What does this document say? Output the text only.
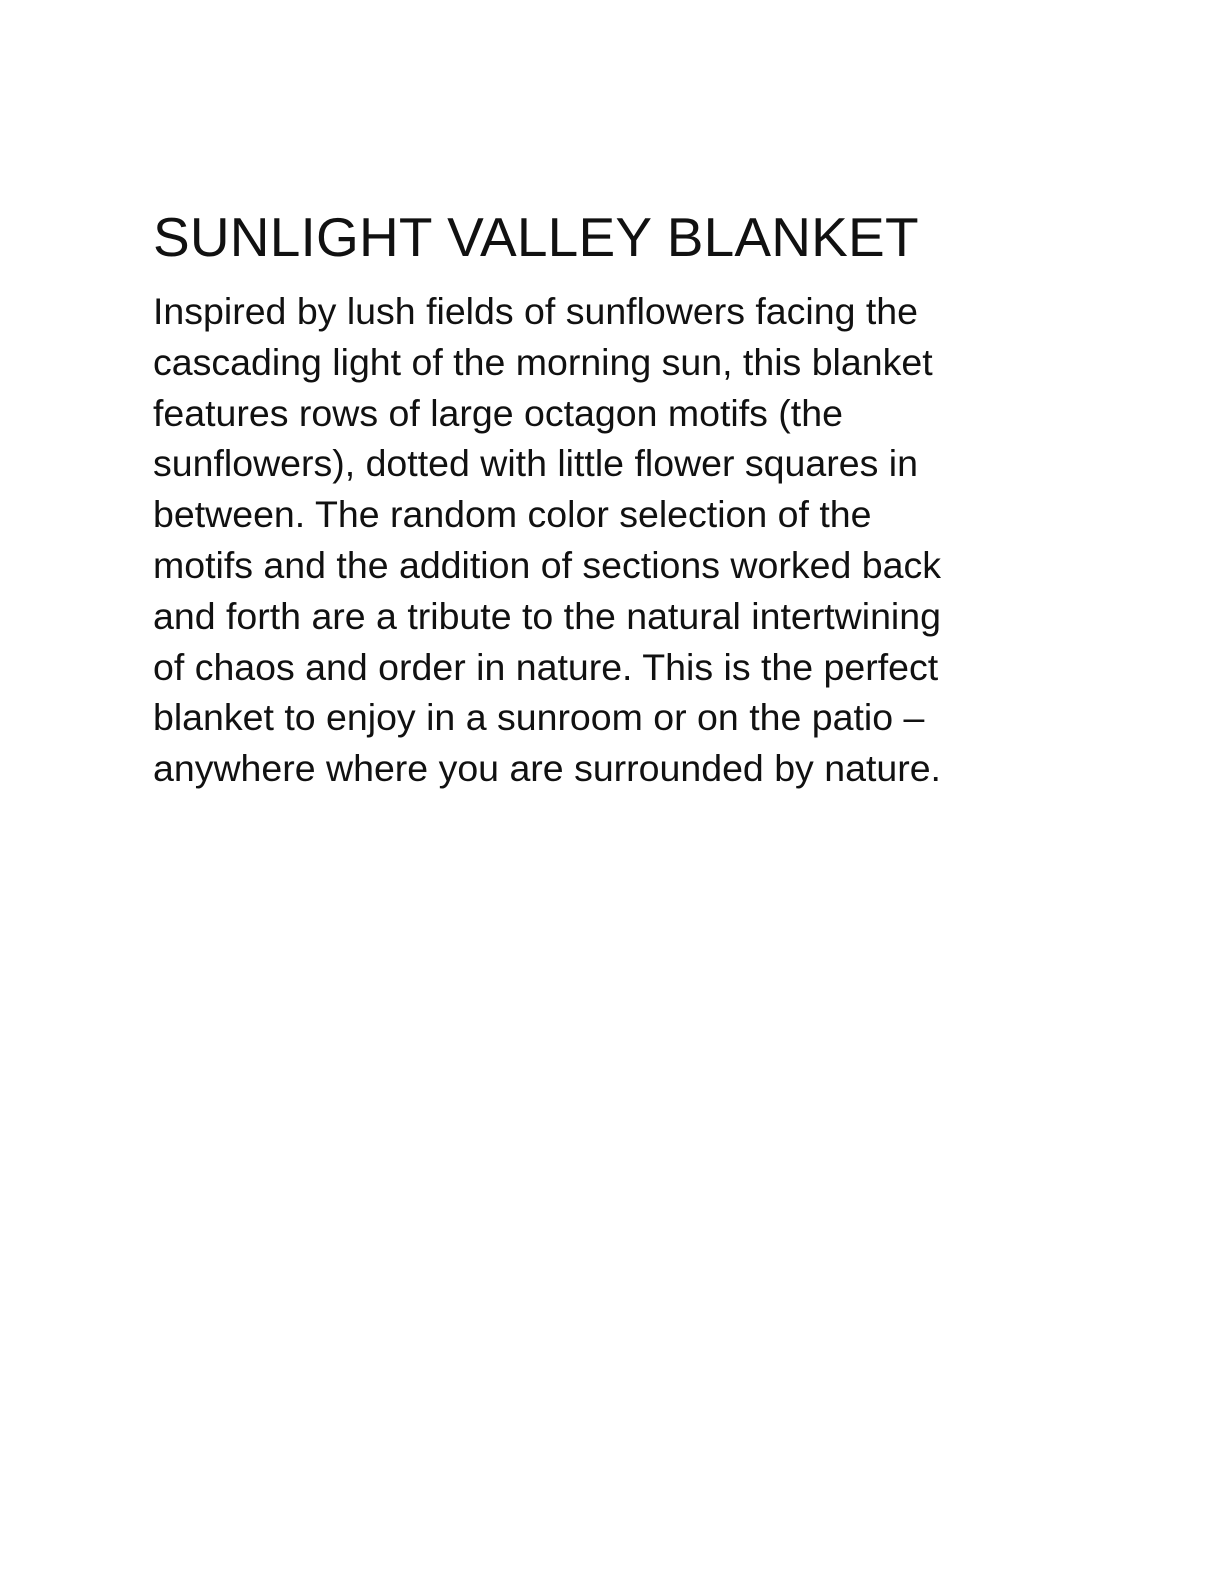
SUNLIGHT VALLEY BLANKET

Inspired by lush fields of sunflowers facing the
cascading light of the morning sun, this blanket
features rows of large octagon motifs (the
sunflowers), dotted with little flower squares in
between. The random color selection of the
motifs and the addition of sections worked back
and forth are a tribute to the natural intertwining
of chaos and order in nature. This is the perfect
blanket to enjoy in a sunroom or on the patio –
anywhere where you are surrounded by nature.
